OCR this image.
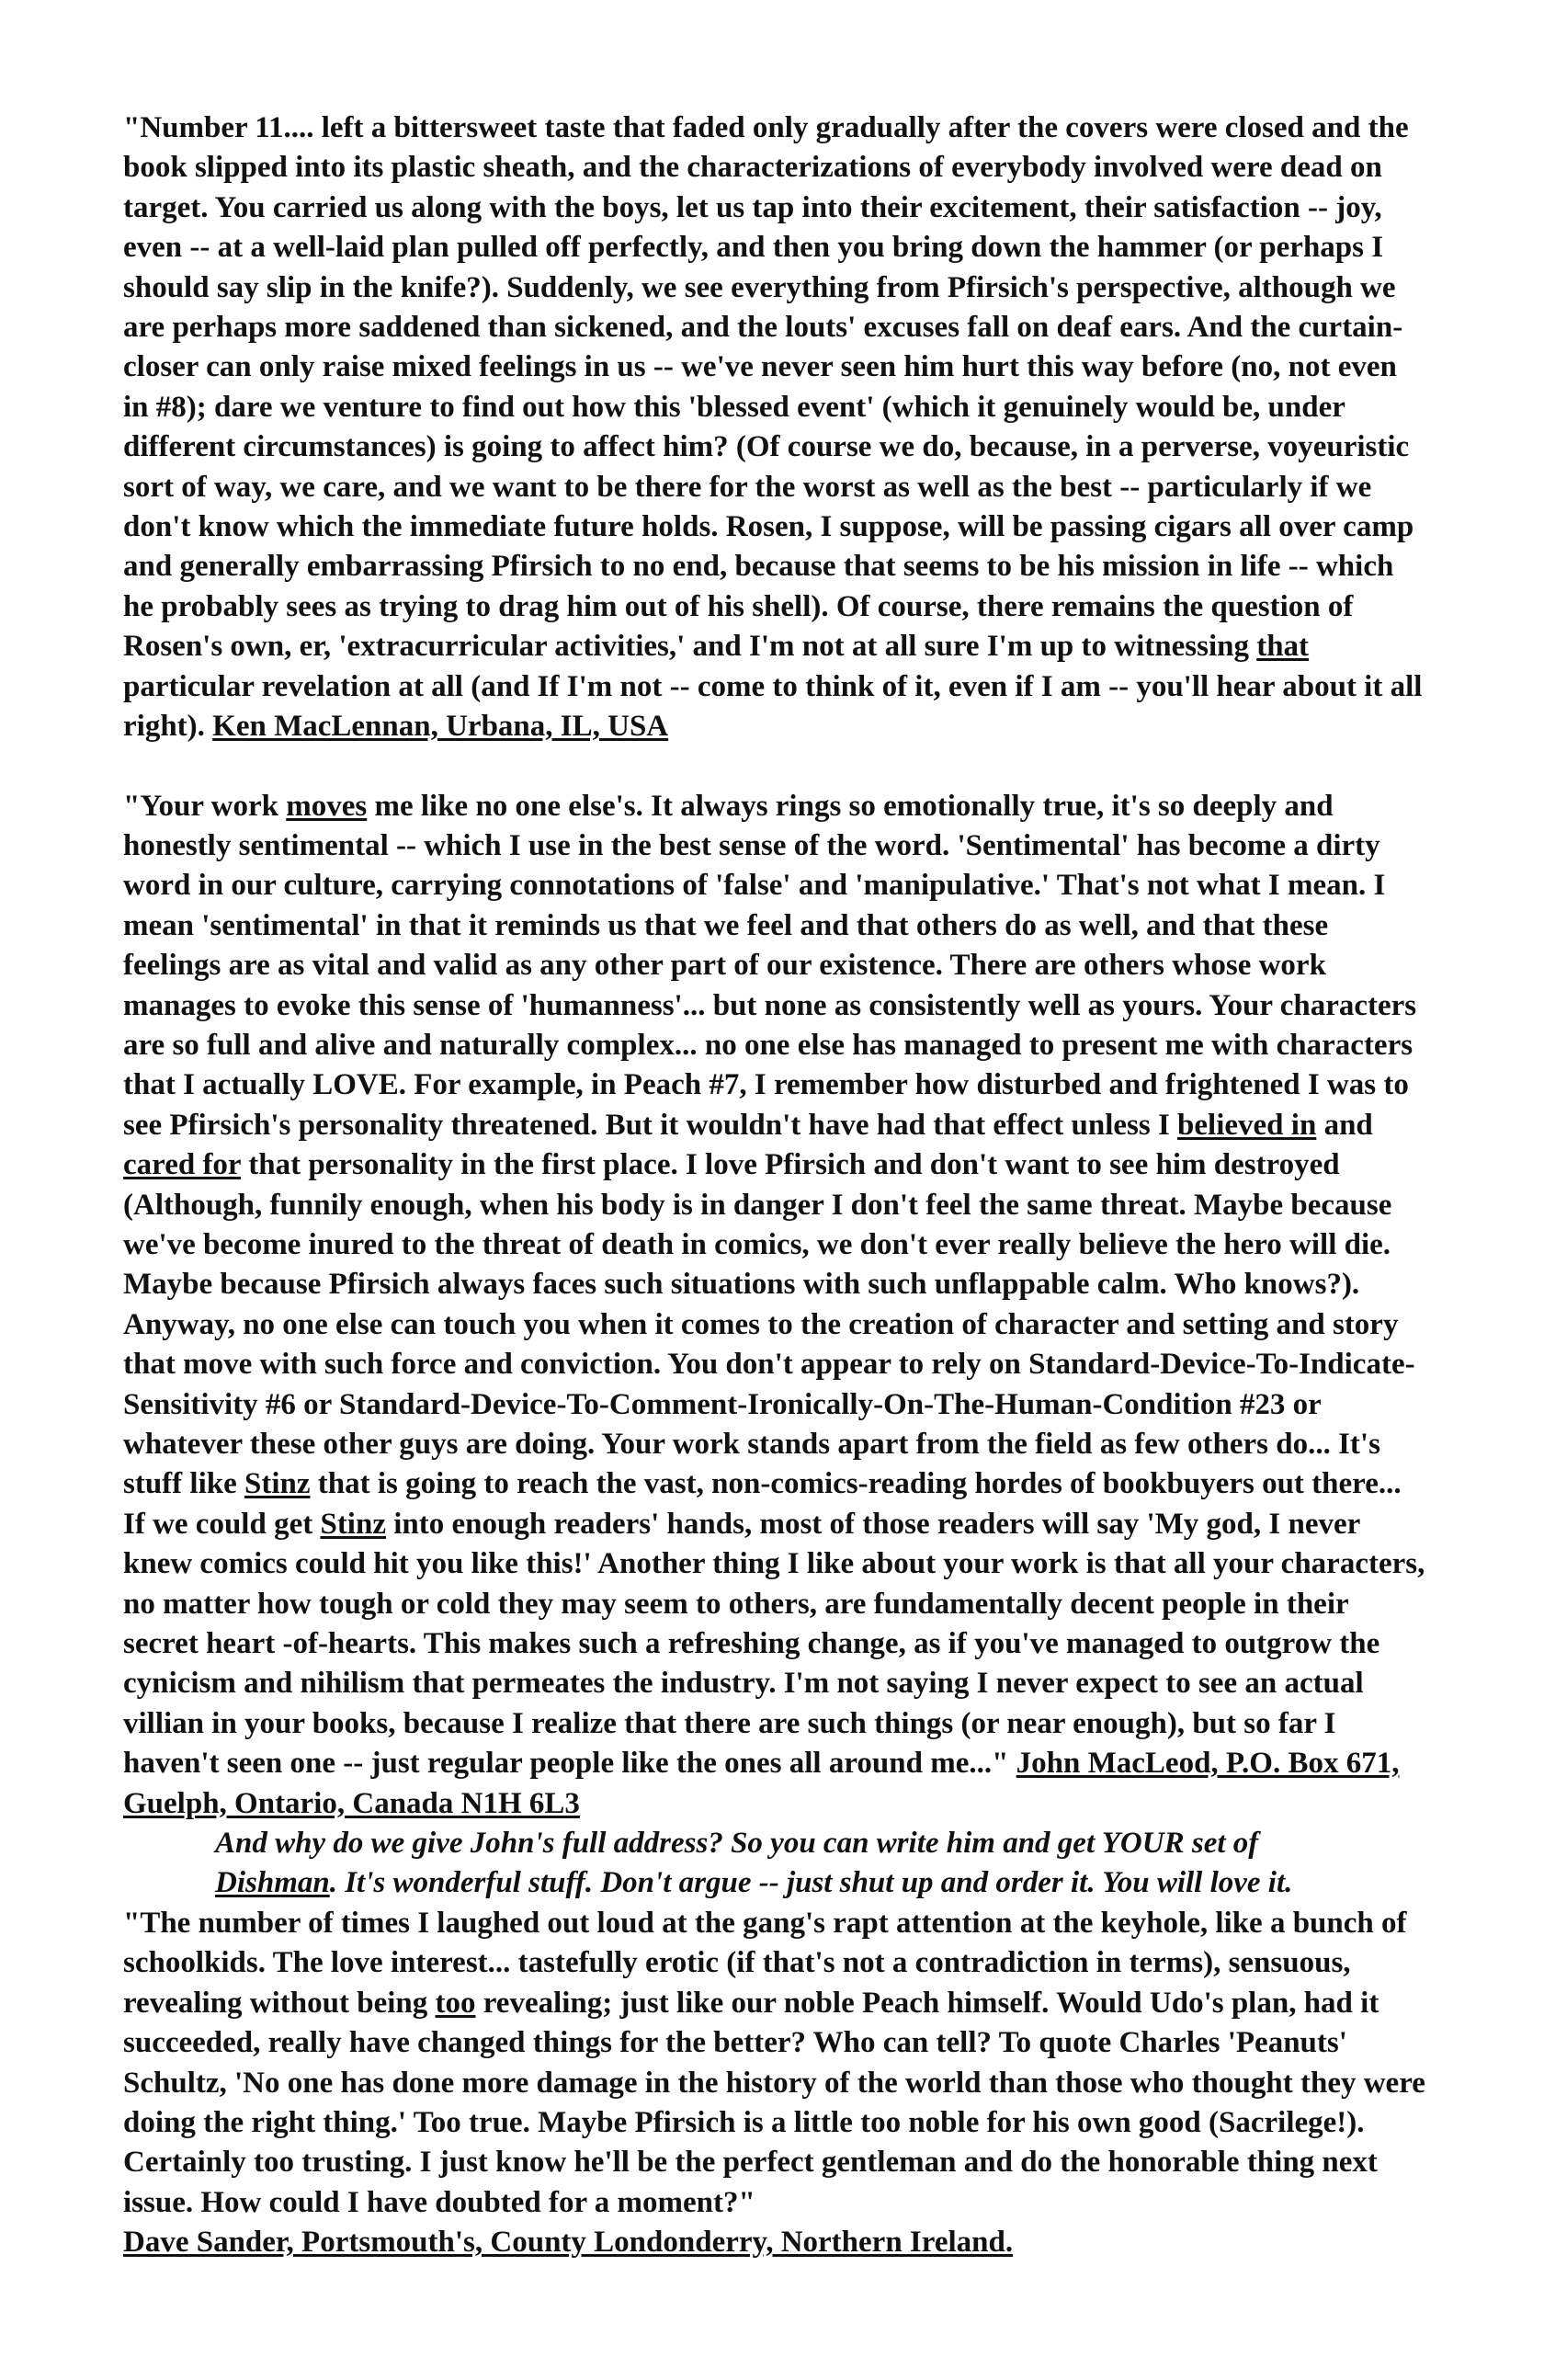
"Number 11.... left a bittersweet taste that faded only gradually after the covers were closed and the book slipped into its plastic sheath, and the characterizations of everybody involved were dead on target. You carried us along with the boys, let us tap into their excitement, their satisfaction -- joy, even -- at a well-laid plan pulled off perfectly, and then you bring down the hammer (or perhaps I should say slip in the knife?). Suddenly, we see everything from Pfirsich's perspective, although we are perhaps more saddened than sickened, and the louts' excuses fall on deaf ears. And the curtain-closer can only raise mixed feelings in us -- we've never seen him hurt this way before (no, not even in #8); dare we venture to find out how this 'blessed event' (which it genuinely would be, under different circumstances) is going to affect him? (Of course we do, because, in a perverse, voyeuristic sort of way, we care, and we want to be there for the worst as well as the best -- particularly if we don't know which the immediate future holds. Rosen, I suppose, will be passing cigars all over camp and generally embarrassing Pfirsich to no end, because that seems to be his mission in life -- which he probably sees as trying to drag him out of his shell). Of course, there remains the question of Rosen's own, er, 'extracurricular activities,' and I'm not at all sure I'm up to witnessing that particular revelation at all (and If I'm not -- come to think of it, even if I am -- you'll hear about it all right). Ken MacLennan, Urbana, IL, USA

"Your work moves me like no one else's. It always rings so emotionally true, it's so deeply and honestly sentimental -- which I use in the best sense of the word. 'Sentimental' has become a dirty word in our culture, carrying connotations of 'false' and 'manipulative.' That's not what I mean. I mean 'sentimental' in that it reminds us that we feel and that others do as well, and that these feelings are as vital and valid as any other part of our existence. There are others whose work manages to evoke this sense of 'humanness'... but none as consistently well as yours. Your characters are so full and alive and naturally complex... no one else has managed to present me with characters that I actually LOVE. For example, in Peach #7, I remember how disturbed and frightened I was to see Pfirsich's personality threatened. But it wouldn't have had that effect unless I believed in and cared for that personality in the first place. I love Pfirsich and don't want to see him destroyed (Although, funnily enough, when his body is in danger I don't feel the same threat. Maybe because we've become inured to the threat of death in comics, we don't ever really believe the hero will die. Maybe because Pfirsich always faces such situations with such unflappable calm. Who knows?). Anyway, no one else can touch you when it comes to the creation of character and setting and story that move with such force and conviction. You don't appear to rely on Standard-Device-To-Indicate-Sensitivity #6 or Standard-Device-To-Comment-Ironically-On-The-Human-Condition #23 or whatever these other guys are doing. Your work stands apart from the field as few others do... It's stuff like Stinz that is going to reach the vast, non-comics-reading hordes of bookbuyers out there... If we could get Stinz into enough readers' hands, most of those readers will say 'My god, I never knew comics could hit you like this!' Another thing I like about your work is that all your characters, no matter how tough or cold they may seem to others, are fundamentally decent people in their secret heart -of-hearts. This makes such a refreshing change, as if you've managed to outgrow the cynicism and nihilism that permeates the industry. I'm not saying I never expect to see an actual villian in your books, because I realize that there are such things (or near enough), but so far I haven't seen one -- just regular people like the ones all around me..." John MacLeod, P.O. Box 671, Guelph, Ontario, Canada N1H 6L3

And why do we give John's full address? So you can write him and get YOUR set of
Dishman. It's wonderful stuff. Don't argue -- just shut up and order it. You will love it.

"The number of times I laughed out loud at the gang's rapt attention at the keyhole, like a bunch of schoolkids. The love interest... tastefully erotic (if that's not a contradiction in terms), sensuous, revealing without being too revealing; just like our noble Peach himself. Would Udo's plan, had it succeeded, really have changed things for the better? Who can tell? To quote Charles 'Peanuts' Schultz, 'No one has done more damage in the history of the world than those who thought they were doing the right thing.' Too true. Maybe Pfirsich is a little too noble for his own good (Sacrilege!). Certainly too trusting. I just know he'll be the perfect gentleman and do the honorable thing next issue. How could I have doubted for a moment?"
Dave Sander, Portsmouth's, County Londonderry, Northern Ireland.
